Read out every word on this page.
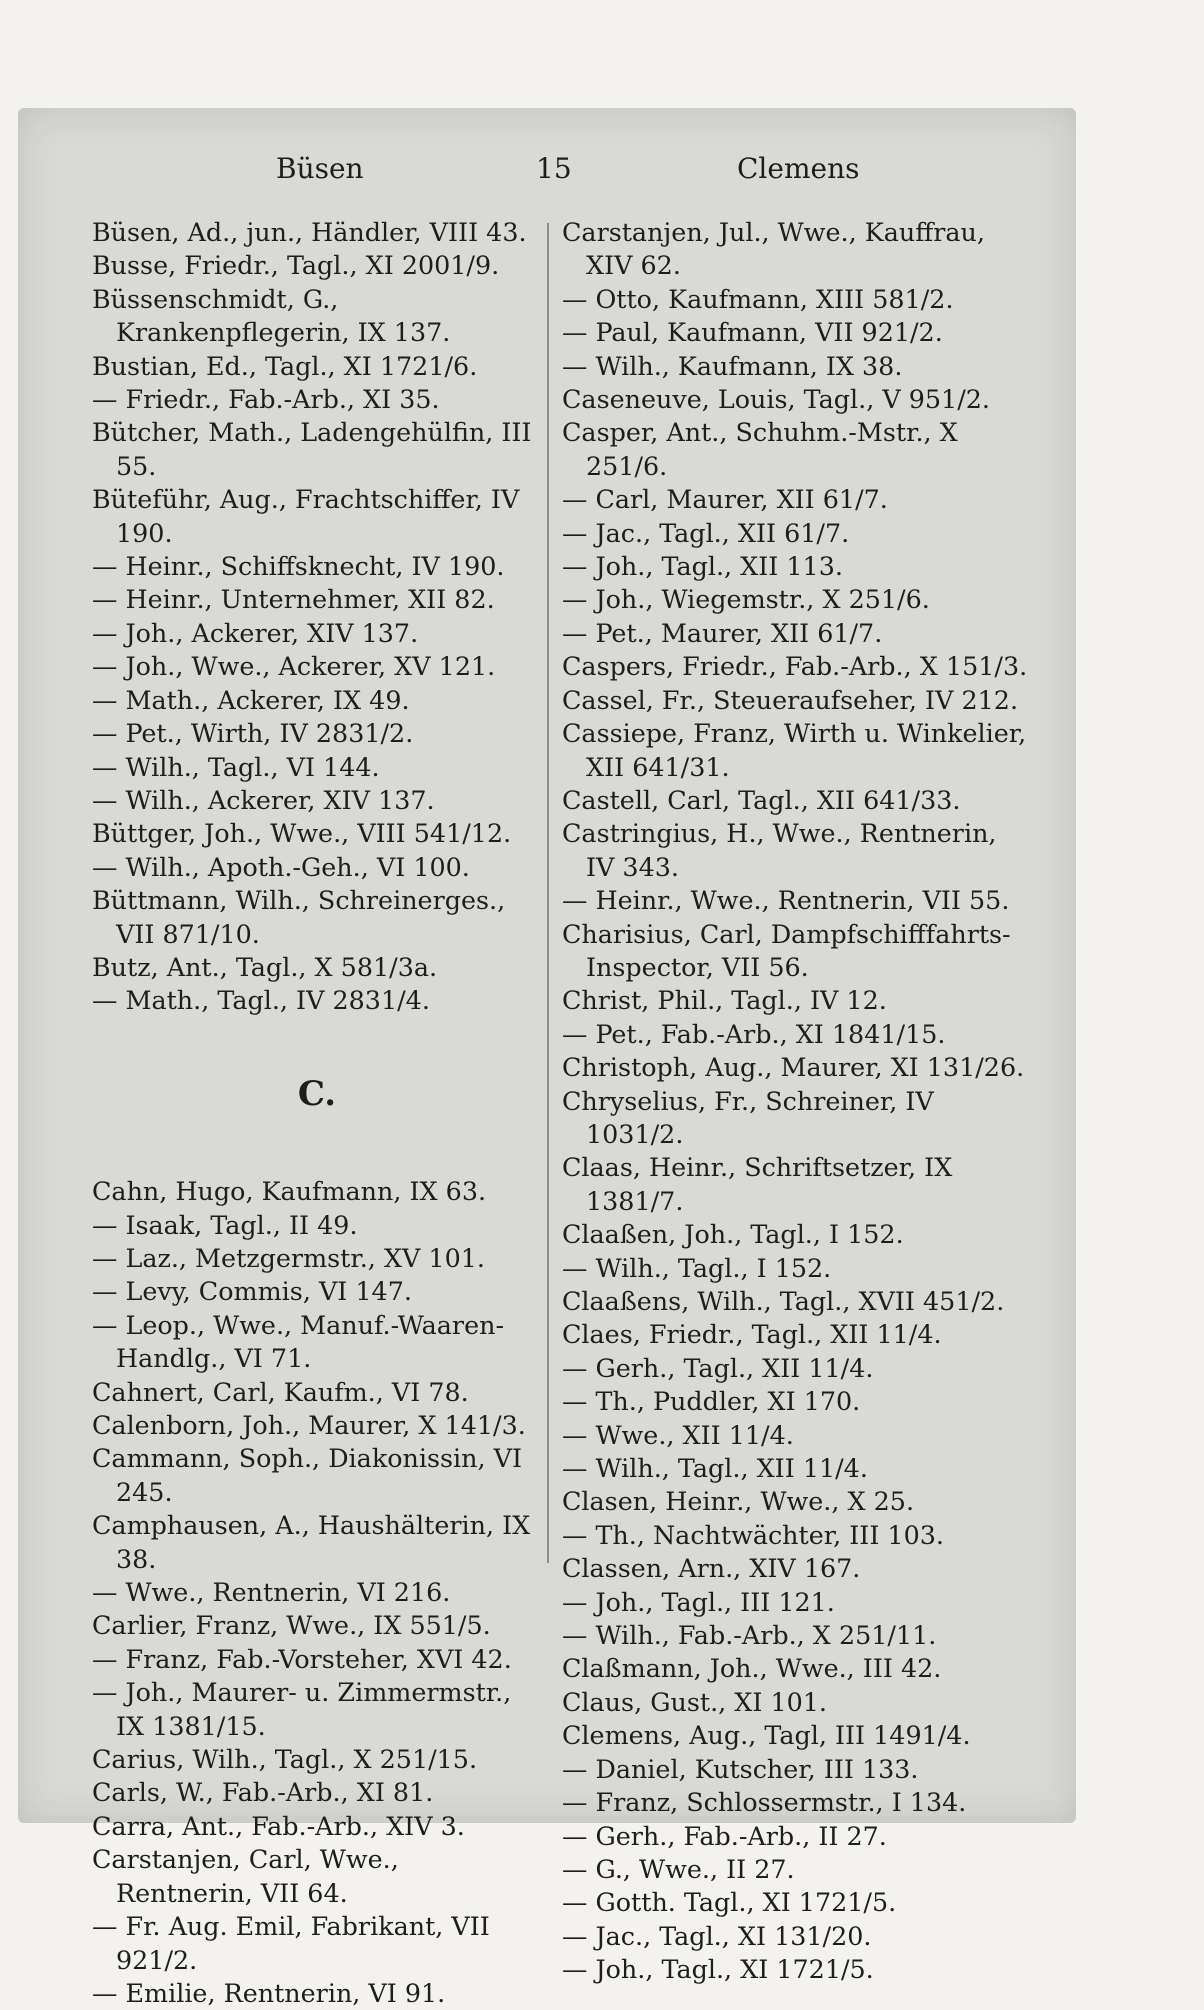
Büsen	15	Clemens

Büsen, Ad., jun., Händler, VIII 43.

Busse, Friedr., Tagl., XI 2001/9.

Büssenschmidt, G., Krankenpflegerin, IX 137.

Bustian, Ed., Tagl., XI 1721/6.

— Friedr., Fab.-Arb., XI 35.

Bütcher, Math., Ladengehülfin, III 55.

Büteführ, Aug., Frachtschiffer, IV 190.

— Heinr., Schiffsknecht, IV 190.

— Heinr., Unternehmer, XII 82.

— Joh., Ackerer, XIV 137.

— Joh., Wwe., Ackerer, XV 121.

— Math., Ackerer, IX 49.

— Pet., Wirth, IV 2831/2.

— Wilh., Tagl., VI 144.

— Wilh., Ackerer, XIV 137.

Büttger, Joh., Wwe., VIII 541/12.

— Wilh., Apoth.-Geh., VI 100.

Büttmann, Wilh., Schreinerges., VII 871/10.

Butz, Ant., Tagl., X 581/3a.

— Math., Tagl., IV 2831/4.

C.

Cahn, Hugo, Kaufmann, IX 63.

— Isaak, Tagl., II 49.

— Laz., Metzgermstr., XV 101.

— Levy, Commis, VI 147.

— Leop., Wwe., Manuf.-Waaren-Handlg., VI 71.

Cahnert, Carl, Kaufm., VI 78.

Calenborn, Joh., Maurer, X 141/3.

Cammann, Soph., Diakonissin, VI 245.

Camphausen, A., Haushälterin, IX 38.

— Wwe., Rentnerin, VI 216.

Carlier, Franz, Wwe., IX 551/5.

— Franz, Fab.-Vorsteher, XVI 42.

— Joh., Maurer- u. Zimmermstr., IX 1381/15.

Carius, Wilh., Tagl., X 251/15.

Carls, W., Fab.-Arb., XI 81.

Carra, Ant., Fab.-Arb., XIV 3.

Carstanjen, Carl, Wwe., Rentnerin, VII 64.

— Fr. Aug. Emil, Fabrikant, VII 921/2.

— Emilie, Rentnerin, VI 91.

Carstanjen, Jul., Wwe., Kauffrau, XIV 62.

— Otto, Kaufmann, XIII 581/2.

— Paul, Kaufmann, VII 921/2.

— Wilh., Kaufmann, IX 38.

Caseneuve, Louis, Tagl., V 951/2.

Casper, Ant., Schuhm.-Mstr., X 251/6.

— Carl, Maurer, XII 61/7.

— Jac., Tagl., XII 61/7.

— Joh., Tagl., XII 113.

— Joh., Wiegemstr., X 251/6.

— Pet., Maurer, XII 61/7.

Caspers, Friedr., Fab.-Arb., X 151/3.

Cassel, Fr., Steueraufseher, IV 212.

Cassiepe, Franz, Wirth u. Winkelier, XII 641/31.

Castell, Carl, Tagl., XII 641/33.

Castringius, H., Wwe., Rentnerin, IV 343.

— Heinr., Wwe., Rentnerin, VII 55.

Charisius, Carl, Dampfschifffahrts-Inspector, VII 56.

Christ, Phil., Tagl., IV 12.

— Pet., Fab.-Arb., XI 1841/15.

Christoph, Aug., Maurer, XI 131/26.

Chryselius, Fr., Schreiner, IV 1031/2.

Claas, Heinr., Schriftsetzer, IX 1381/7.

Claaßen, Joh., Tagl., I 152.

— Wilh., Tagl., I 152.

Claaßens, Wilh., Tagl., XVII 451/2.

Claes, Friedr., Tagl., XII 11/4.

— Gerh., Tagl., XII 11/4.

— Th., Puddler, XI 170.

— Wwe., XII 11/4.

— Wilh., Tagl., XII 11/4.

Clasen, Heinr., Wwe., X 25.

— Th., Nachtwächter, III 103.

Classen, Arn., XIV 167.

— Joh., Tagl., III 121.

— Wilh., Fab.-Arb., X 251/11.

Claßmann, Joh., Wwe., III 42.

Claus, Gust., XI 101.

Clemens, Aug., Tagl, III 1491/4.

— Daniel, Kutscher, III 133.

— Franz, Schlossermstr., I 134.

— Gerh., Fab.-Arb., II 27.

— G., Wwe., II 27.

— Gotth. Tagl., XI 1721/5.

— Jac., Tagl., XI 131/20.

— Joh., Tagl., XI 1721/5.
